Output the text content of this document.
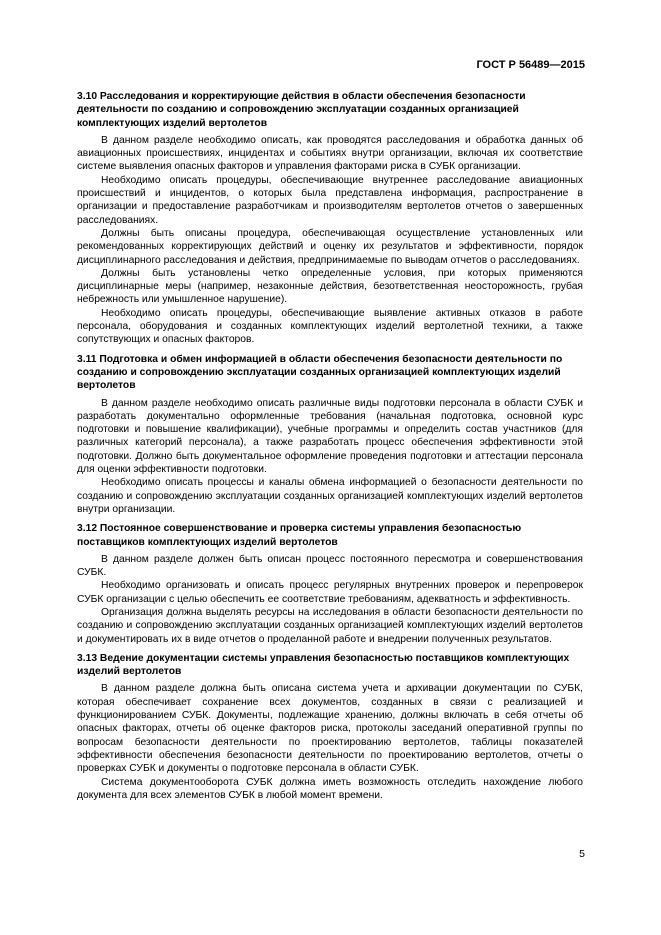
ГОСТ Р 56489—2015

3.10 Расследования и корректирующие действия в области обеспечения безопасности деятельности по созданию и сопровождению эксплуатации созданных организацией комплектующих изделий вертолетов

В данном разделе необходимо описать, как проводятся расследования и обработка данных об авиационных происшествиях, инцидентах и событиях внутри организации, включая их соответствие системе выявления опасных факторов и управления факторами риска в СУБК организации.

Необходимо описать процедуры, обеспечивающие внутреннее расследование авиационных происшествий и инцидентов, о которых была представлена информация, распространение в организации и предоставление разработчикам и производителям вертолетов отчетов о завершенных расследованиях.

Должны быть описаны процедура, обеспечивающая осуществление установленных или рекомендованных корректирующих действий и оценку их результатов и эффективности, порядок дисциплинарного расследования и действия, предпринимаемые по выводам отчетов о расследованиях.

Должны быть установлены четко определенные условия, при которых применяются дисциплинарные меры (например, незаконные действия, безответственная неосторожность, грубая небрежность или умышленное нарушение).

Необходимо описать процедуры, обеспечивающие выявление активных отказов в работе персонала, оборудования и созданных комплектующих изделий вертолетной техники, а также сопутствующих и опасных факторов.

3.11 Подготовка и обмен информацией в области обеспечения безопасности деятельности по созданию и сопровождению эксплуатации созданных организацией комплектующих изделий вертолетов

В данном разделе необходимо описать различные виды подготовки персонала в области СУБК и разработать документально оформленные требования (начальная подготовка, основной курс подготовки и повышение квалификации), учебные программы и определить состав участников (для различных категорий персонала), а также разработать процесс обеспечения эффективности этой подготовки. Должно быть документальное оформление проведения подготовки и аттестации персонала для оценки эффективности подготовки.

Необходимо описать процессы и каналы обмена информацией о безопасности деятельности по созданию и сопровождению эксплуатации созданных организацией комплектующих изделий вертолетов внутри организации.

3.12 Постоянное совершенствование и проверка системы управления безопасностью поставщиков комплектующих изделий вертолетов

В данном разделе должен быть описан процесс постоянного пересмотра и совершенствования СУБК.

Необходимо организовать и описать процесс регулярных внутренних проверок и перепроверок СУБК организации с целью обеспечить ее соответствие требованиям, адекватность и эффективность.

Организация должна выделять ресурсы на исследования в области безопасности деятельности по созданию и сопровождению эксплуатации созданных организацией комплектующих изделий вертолетов и документировать их в виде отчетов о проделанной работе и внедрении полученных результатов.

3.13 Ведение документации системы управления безопасностью поставщиков комплектующих изделий вертолетов

В данном разделе должна быть описана система учета и архивации документации по СУБК, которая обеспечивает сохранение всех документов, созданных в связи с реализацией и функционированием СУБК. Документы, подлежащие хранению, должны включать в себя отчеты об опасных факторах, отчеты об оценке факторов риска, протоколы заседаний оперативной группы по вопросам безопасности деятельности по проектированию вертолетов, таблицы показателей эффективности обеспечения безопасности деятельности по проектированию вертолетов, отчеты о проверках СУБК и документы о подготовке персонала в области СУБК.

Система документооборота СУБК должна иметь возможность отследить нахождение любого документа для всех элементов СУБК в любой момент времени.

5
